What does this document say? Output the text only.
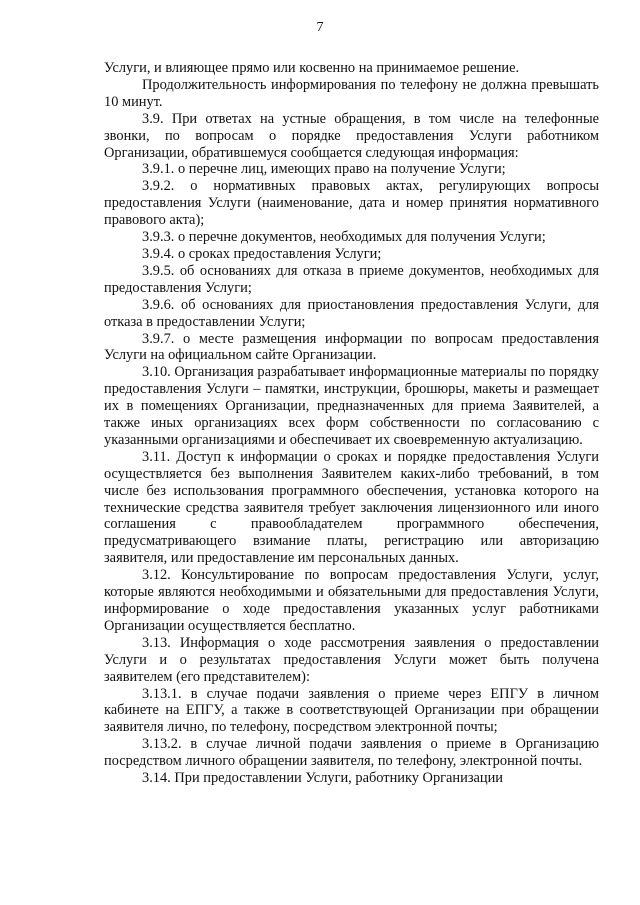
7

Услуги, и влияющее прямо или косвенно на принимаемое решение.

Продолжительность информирования по телефону не должна превышать 10 минут.

3.9. При ответах на устные обращения, в том числе на телефонные звонки, по вопросам о порядке предоставления Услуги работником Организации, обратившемуся сообщается следующая информация:

3.9.1. о перечне лиц, имеющих право на получение Услуги;

3.9.2. о нормативных правовых актах, регулирующих вопросы предоставления Услуги (наименование, дата и номер принятия нормативного правового акта);

3.9.3. о перечне документов, необходимых для получения Услуги;

3.9.4. о сроках предоставления Услуги;

3.9.5. об основаниях для отказа в приеме документов, необходимых для предоставления Услуги;

3.9.6. об основаниях для приостановления предоставления Услуги, для отказа в предоставлении Услуги;

3.9.7. о месте размещения информации по вопросам предоставления Услуги на официальном сайте Организации.

3.10. Организация разрабатывает информационные материалы по порядку предоставления Услуги – памятки, инструкции, брошюры, макеты и размещает их в помещениях Организации, предназначенных для приема Заявителей, а также иных организациях всех форм собственности по согласованию с указанными организациями и обеспечивает их своевременную актуализацию.

3.11. Доступ к информации о сроках и порядке предоставления Услуги осуществляется без выполнения Заявителем каких-либо требований, в том числе без использования программного обеспечения, установка которого на технические средства заявителя требует заключения лицензионного или иного соглашения с правообладателем программного обеспечения, предусматривающего взимание платы, регистрацию или авторизацию заявителя, или предоставление им персональных данных.

3.12. Консультирование по вопросам предоставления Услуги, услуг, которые являются необходимыми и обязательными для предоставления Услуги, информирование о ходе предоставления указанных услуг работниками Организации осуществляется бесплатно.

3.13. Информация о ходе рассмотрения заявления о предоставлении Услуги и о результатах предоставления Услуги может быть получена заявителем (его представителем):

3.13.1. в случае подачи заявления о приеме через ЕПГУ в личном кабинете на ЕПГУ, а также в соответствующей Организации при обращении заявителя лично, по телефону, посредством электронной почты;

3.13.2. в случае личной подачи заявления о приеме в Организацию посредством личного обращении заявителя, по телефону, электронной почты.

3.14. При предоставлении Услуги, работнику Организации
